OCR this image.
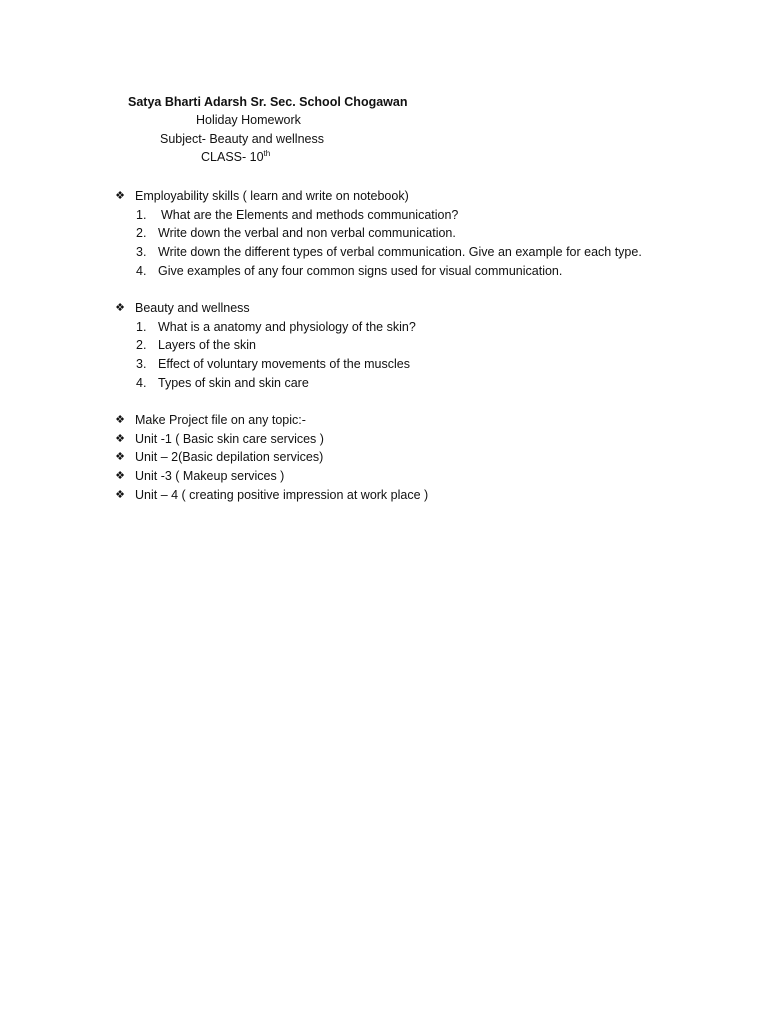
Satya Bharti Adarsh Sr. Sec. School Chogawan
Holiday Homework
Subject- Beauty and wellness
CLASS- 10th
❖ Employability skills ( learn and write on notebook)
1. What are the Elements and methods communication?
2. Write down the verbal and non verbal communication.
3. Write down the different types of verbal communication. Give an example for each type.
4. Give examples of any four common signs used for visual communication.
❖ Beauty and wellness
1. What is a anatomy and physiology of the skin?
2. Layers of the skin
3. Effect of voluntary movements of the muscles
4. Types of skin and skin care
❖ Make Project file on any topic:-
❖ Unit -1 ( Basic skin care services )
❖ Unit – 2(Basic depilation services)
❖ Unit -3 ( Makeup services )
❖ Unit – 4 ( creating positive impression at work place )
